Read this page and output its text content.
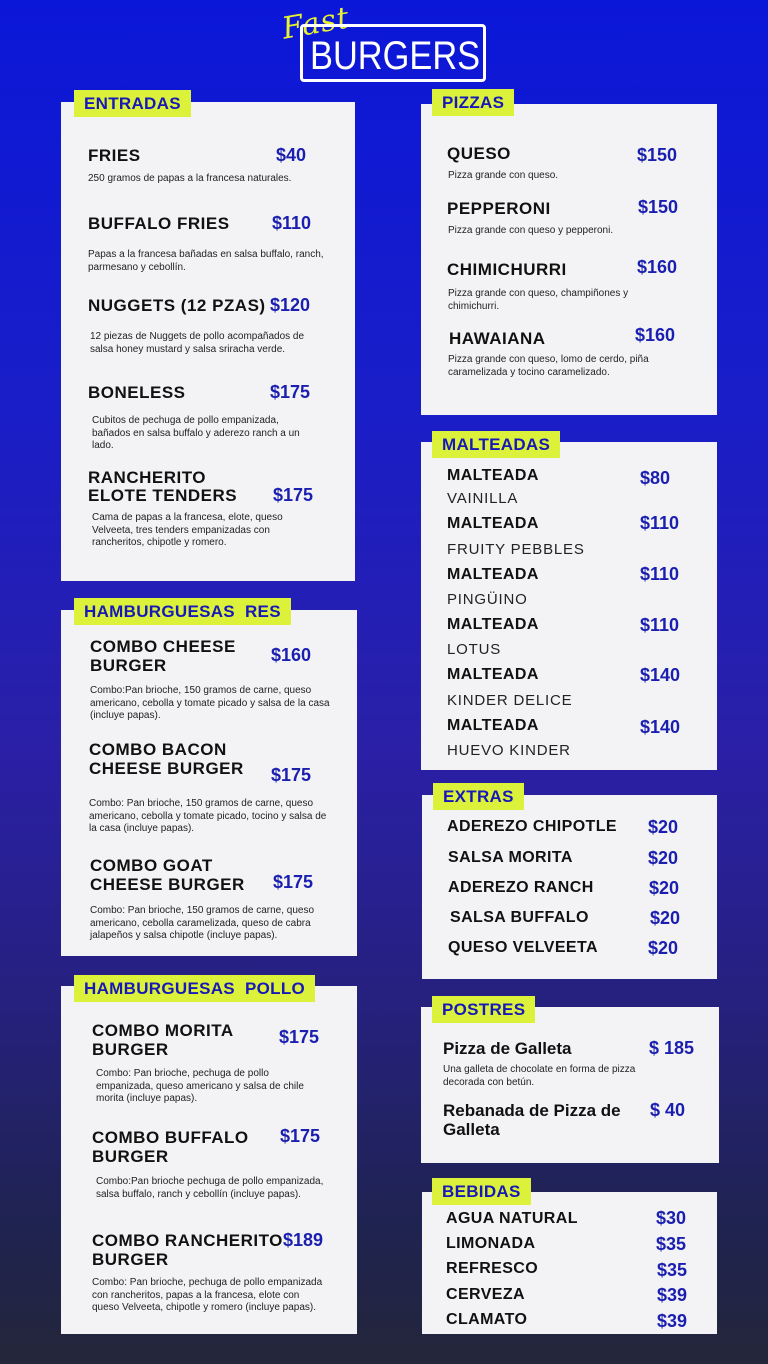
Fast
BURGERS
ENTRADAS
FRIES	$40
250 gramos de papas a la francesa naturales.
BUFFALO FRIES $110
Papas a la francesa bañadas en salsa buffalo, ranch, parmesano y cebollín.
NUGGETS (12 PZAS) $120
12 piezas de Nuggets de pollo acompañados de salsa honey mustard y salsa sriracha verde.
BONELESS	$175
Cubitos de pechuga de pollo empanizada, bañados en salsa buffalo y aderezo ranch a un lado.
RANCHERITO
ELOTE TENDERS $175
Cama de papas a la francesa, elote, queso Velveeta, tres tenders empanizadas con rancheritos, chipotle y romero.
HAMBURGUESAS  RES
COMBO CHEESE
BURGER
$160
Combo:Pan brioche, 150 gramos de carne, queso americano, cebolla y tomate picado y salsa de la casa (incluye papas).
COMBO BACON
CHEESE BURGER $175
Combo: Pan brioche, 150 gramos de carne, queso americano, cebolla y tomate picado, tocino y salsa de la casa (incluye papas).
COMBO GOAT
CHEESE BURGER $175
Combo: Pan brioche, 150 gramos de carne, queso americano, cebolla caramelizada, queso de cabra jalapeños y salsa chipotle (incluye papas).
HAMBURGUESAS  POLLO
COMBO MORITA
BURGER
$175
Combo: Pan brioche, pechuga de pollo empanizada, queso americano y salsa de chile morita (incluye papas).
COMBO BUFFALO
BURGER
$175
Combo:Pan brioche pechuga de pollo empanizada, salsa buffalo, ranch y cebollín (incluye papas).
COMBO RANCHERITO
BURGER
$189
Combo: Pan brioche, pechuga de pollo empanizada con rancheritos, papas a la francesa, elote con queso Velveeta, chipotle y romero (incluye papas).
PIZZAS
QUESO	$150
Pizza grande con queso.
PEPPERONI	$150
Pizza grande con queso y pepperoni.
CHIMICHURRI	$160
Pizza grande con queso, champiñones y chimichurri.
HAWAIANA	$160
Pizza grande con queso, lomo de cerdo, piña caramelizada y tocino caramelizado.
MALTEADAS
MALTEADA
VAINILLA
$80
MALTEADA
FRUITY PEBBLES
$110
MALTEADA
PINGÜINO
$110
MALTEADA
LOTUS
$110
MALTEADA
KINDER DELICE
$140
MALTEADA
HUEVO KINDER
$140
EXTRAS
ADEREZO CHIPOTLE $20
SALSA MORITA	$20
ADEREZO RANCH	$20
SALSA BUFFALO	$20
QUESO VELVEETA	$20
POSTRES
Pizza de Galleta	$ 185
Una galleta de chocolate en forma de pizza decorada con betún.
Rebanada de Pizza de
Galleta
$ 40
BEBIDAS
AGUA NATURAL	$30
LIMONADA	$35
REFRESCO	$35
CERVEZA	$39
CLAMATO	$39
